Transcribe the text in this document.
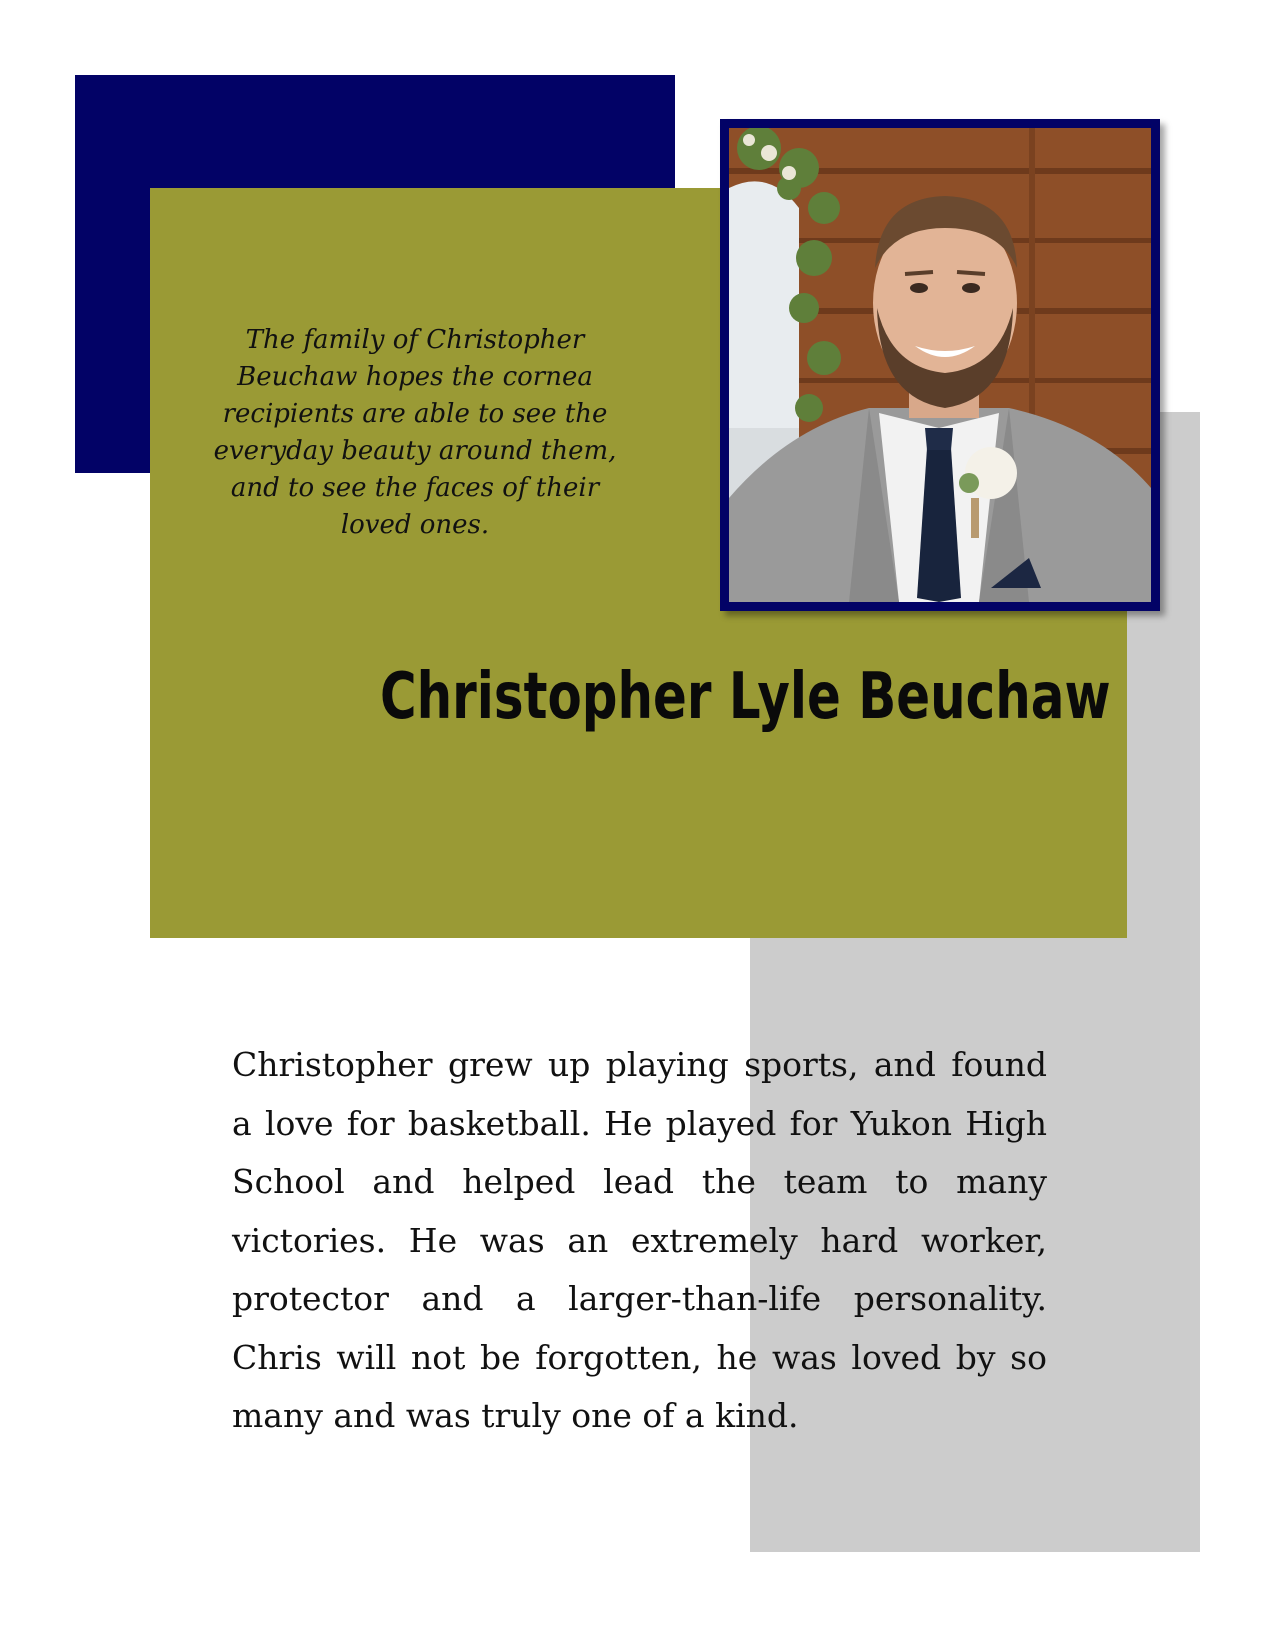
The family of Christopher Beuchaw hopes the cornea recipients are able to see the everyday beauty around them, and to see the faces of their loved ones.
Christopher Lyle Beuchaw
Christopher grew up playing sports, and found a love for basketball. He played for Yukon High School and helped lead the team to many victories. He was an extremely hard worker, protector and a larger-than-life personality. Chris will not be forgotten, he was loved by so many and was truly one of a kind.
